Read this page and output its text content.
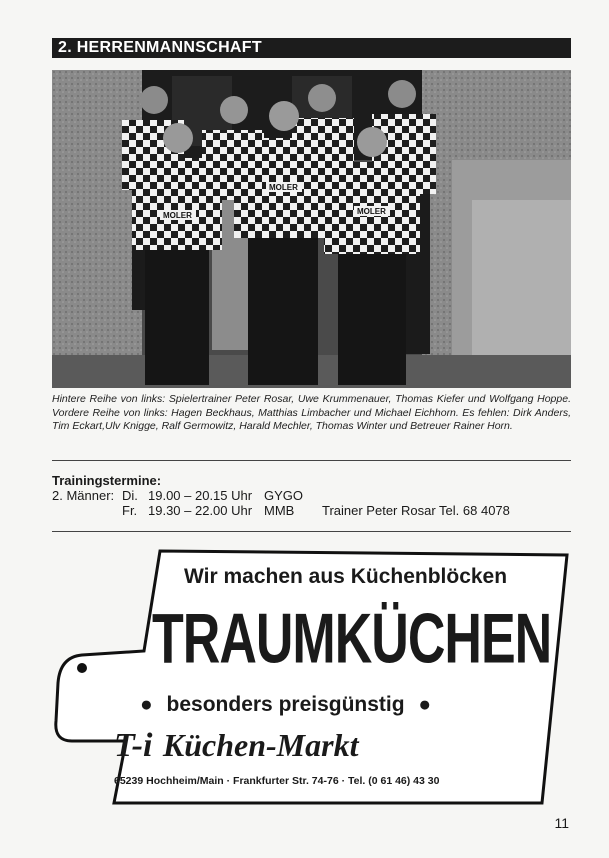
2. HERRENMANNSCHAFT
MOLER
MOLER
MOLER
Hintere Reihe von links: Spielertrainer Peter Rosar, Uwe Krummenauer, Thomas Kiefer und Wolfgang Hoppe. Vordere Reihe von links: Hagen Beckhaus, Matthias Limbacher und Michael Eichhorn. Es fehlen: Dirk Anders, Tim Eckart,Ulv Knigge, Ralf Germowitz, Harald Mechler, Thomas Winter und Betreuer Rainer Horn.
Trainingstermine:
2. Männer: Di. 19.00 – 20.15 Uhr GYGO
Fr. 19.30 – 22.00 Uhr MMB Trainer Peter Rosar Tel. 68 4078
Wir machen aus Küchenblöcken
TRAUMKÜCHEN
● besonders preisgünstig ●
T-i Küchen-Markt
65239 Hochheim/Main · Frankfurter Str. 74-76 · Tel. (0 61 46) 43 30
11
